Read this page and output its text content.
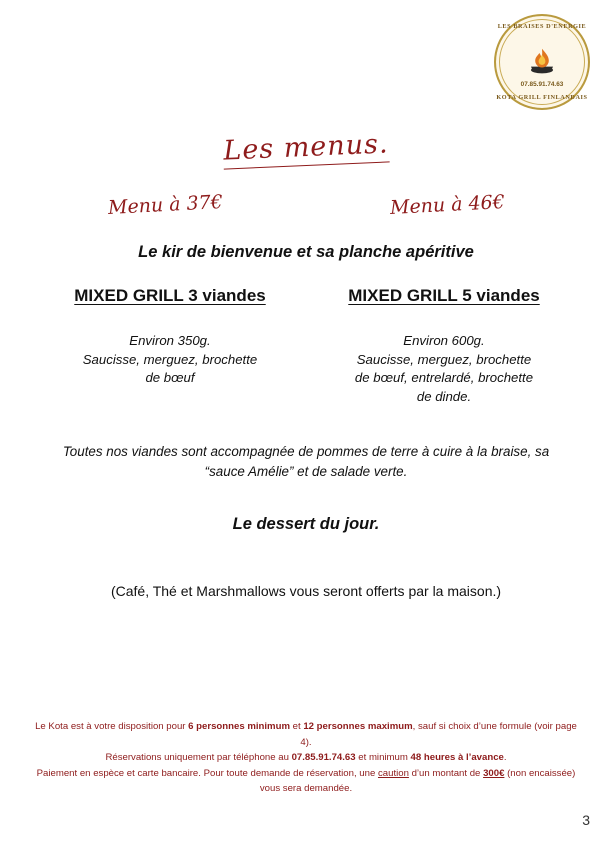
LES BRAISES D'ENERGIE
07.85.91.74.63
KOTA GRILL FINLANDAIS
Les menus.
Menu à 37€	Menu à 46€
Le kir de bienvenue et sa planche apéritive
MIXED GRILL 3 viandes
Environ 350g.
Saucisse, merguez, brochette
de bœuf
MIXED GRILL 5 viandes
Environ 600g.
Saucisse, merguez, brochette
de bœuf, entrelardé, brochette
de dinde.
Toutes nos viandes sont accompagnée de pommes de terre à cuire à la braise, sa “sauce Amélie” et de salade verte.
Le dessert du jour.
(Café, Thé et Marshmallows vous seront offerts par la maison.)
Le Kota est à votre disposition pour 6 personnes minimum et 12 personnes maximum, sauf si choix d’une formule (voir page 4).
Réservations uniquement par téléphone au 07.85.91.74.63 et minimum 48 heures à l’avance.
Paiement en espèce et carte bancaire. Pour toute demande de réservation, une caution d’un montant de 300€ (non encaissée) vous sera demandée.
3
